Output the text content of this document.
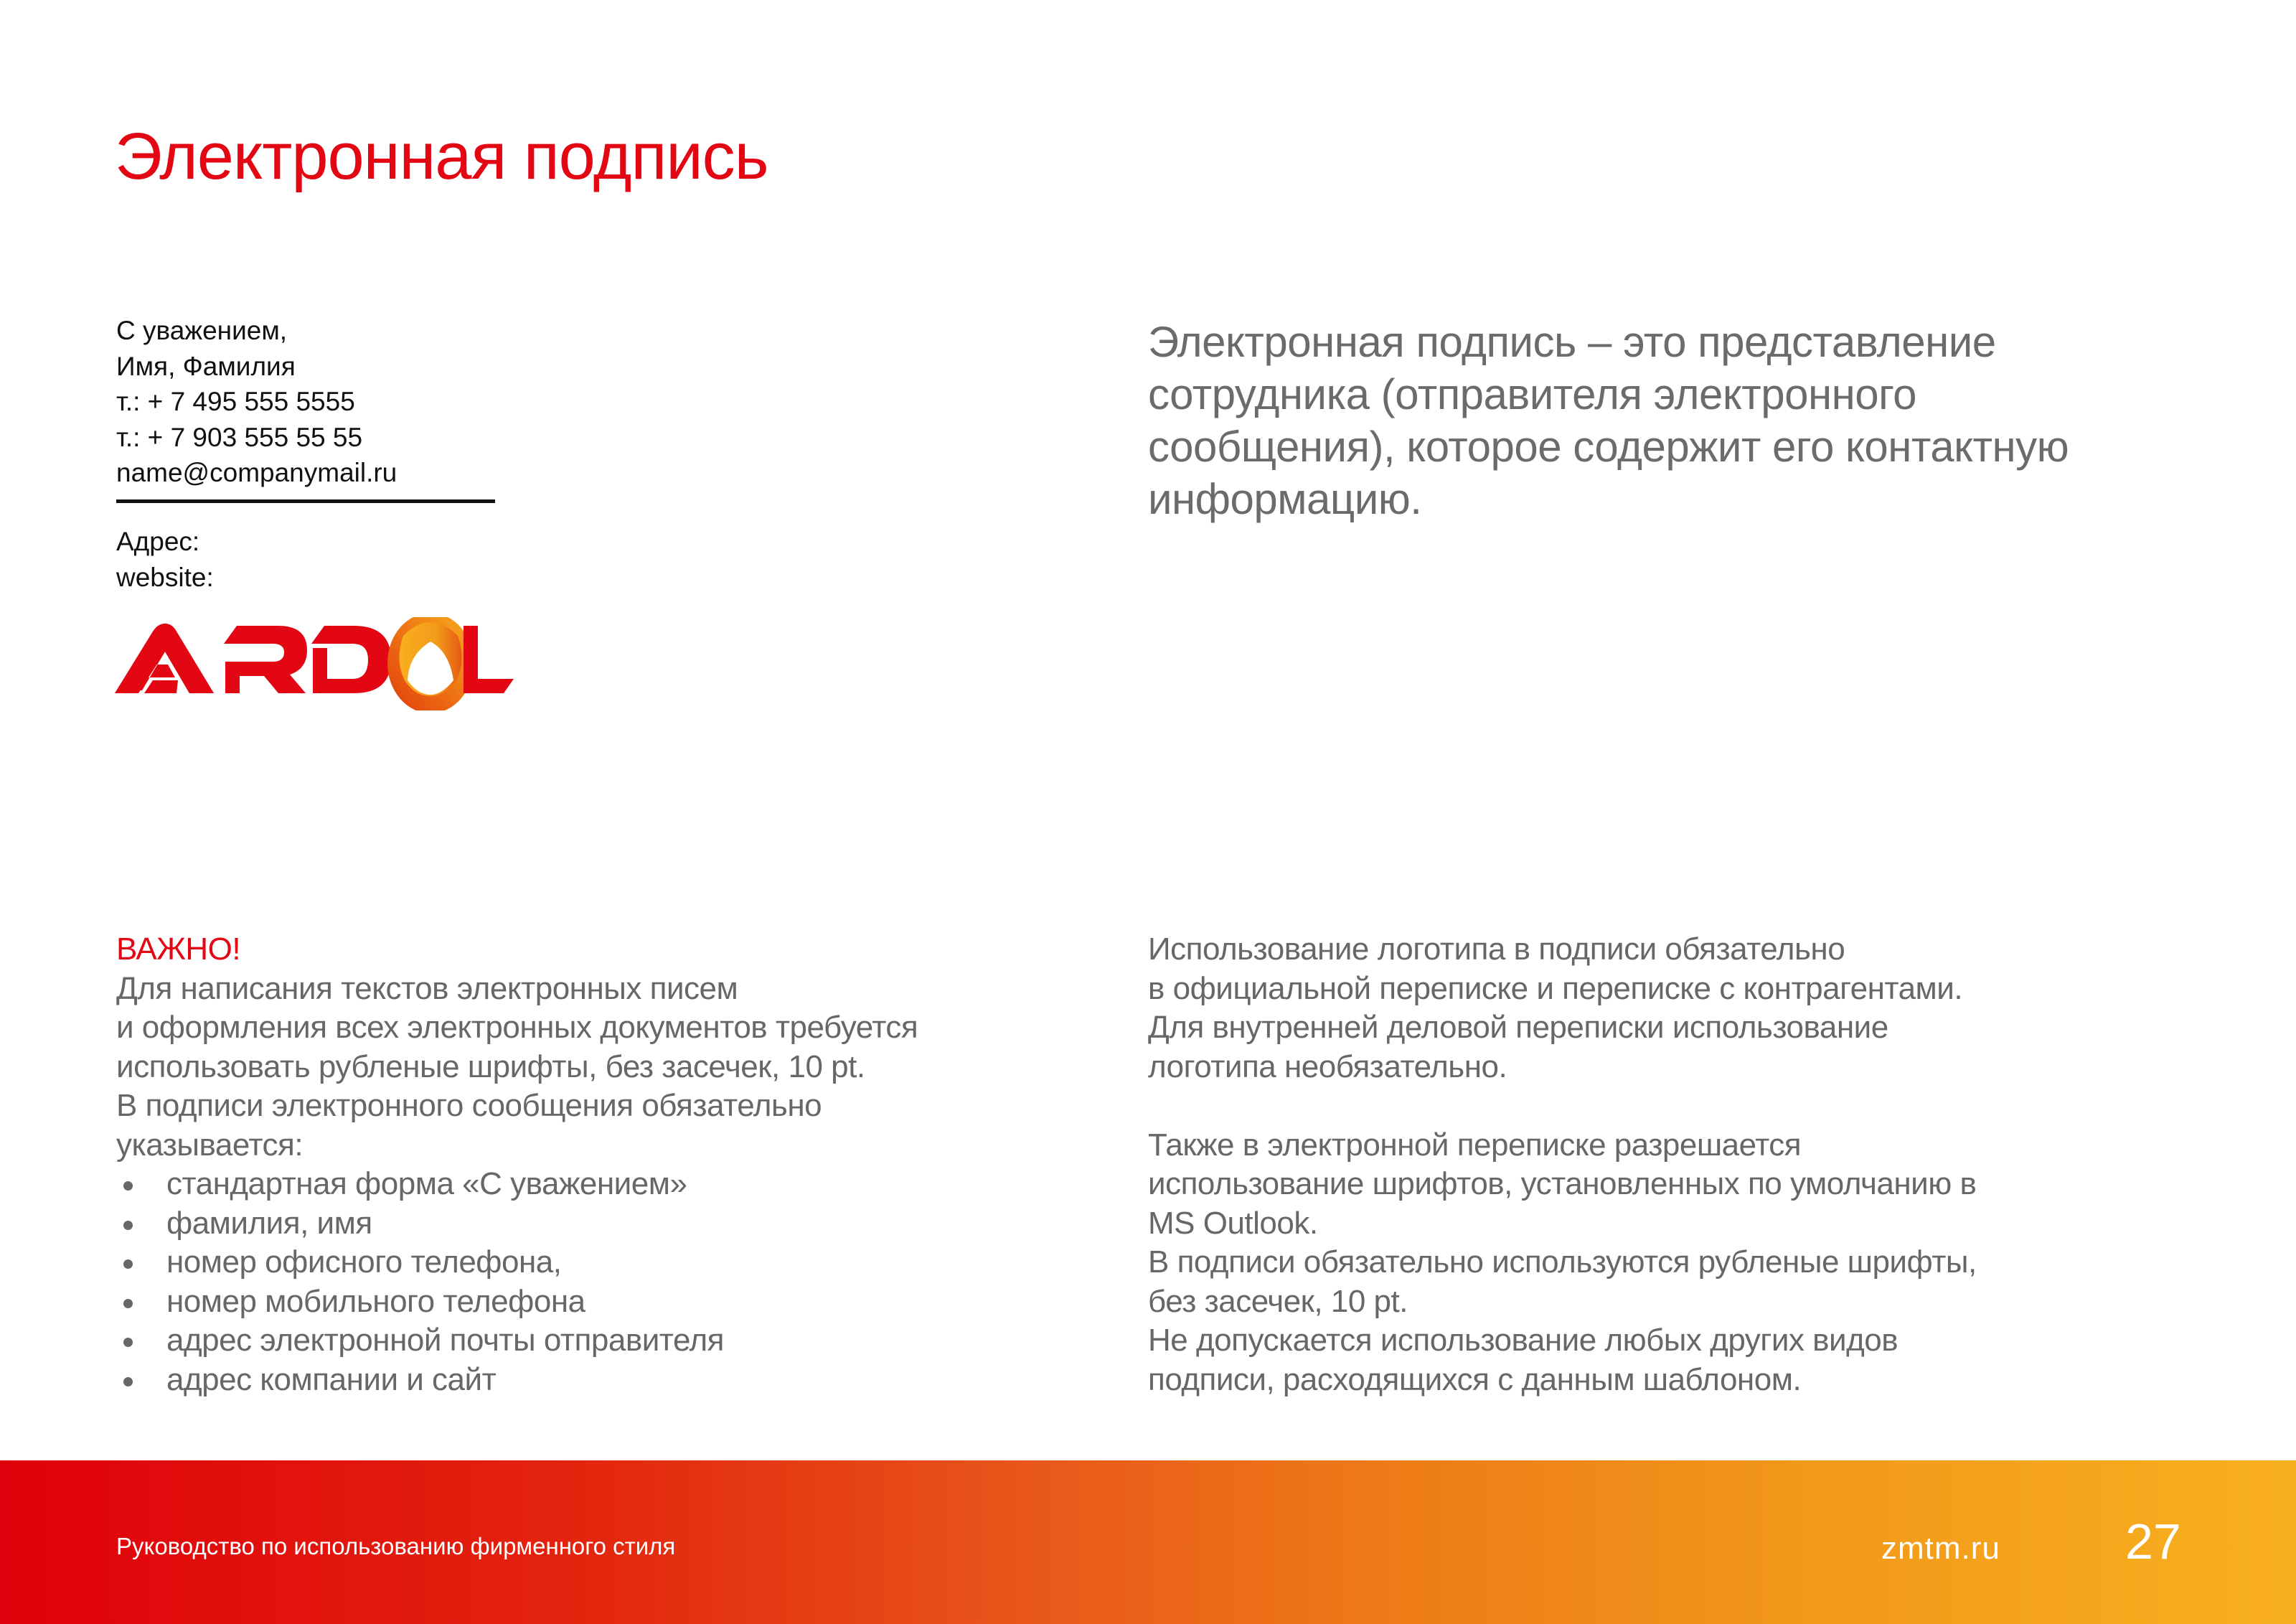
Электронная подпись
С уважением,
Имя, Фамилия
т.: + 7 495 555 5555
т.: + 7 903 555 55 55
name@companymail.ru
Адрес:
website:
Электронная подпись – это представление сотрудника (отправителя электронного сообщения), которое содержит его контактную информацию.
ВАЖНО!
Для написания текстов электронных писем
и оформления всех электронных документов требуется
использовать рубленые шрифты, без засечек, 10 pt.
В подписи электронного сообщения обязательно
указывается:
стандартная форма «С уважением»
фамилия, имя
номер офисного телефона,
номер мобильного телефона
адрес электронной почты отправителя
адрес компании и сайт

Использование логотипа в подписи обязательно

в официальной переписке и переписке с контрагентами.

Для внутренней деловой переписки использование

логотипа необязательно.

Также в электронной переписке разрешается

использование шрифтов, установленных по умолчанию в

MS Outlook.

В подписи обязательно используются рубленые шрифты,

без засечек, 10 pt.

Не допускается использование любых других видов

подписи, расходящихся с данным шаблоном.

Руководство по использованию фирменного стиля	zmtm.ru 27
